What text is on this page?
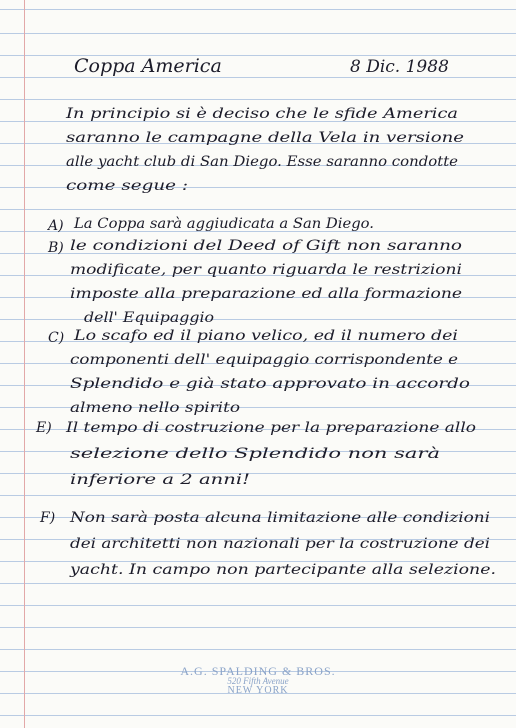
Coppa America	8 Dic. 1988
In principio si è deciso che le sfide America
saranno le campagne della Vela in versione
alle yacht club di San Diego. Esse saranno condotte
come segue :
A) La Coppa sarà aggiudicata a San Diego.
B) le condizioni del Deed of Gift non saranno
modificate, per quanto riguarda le restrizioni
imposte alla preparazione ed alla formazione
dell' Equipaggio
C) Lo scafo ed il piano velico, ed il numero dei
componenti dell' equipaggio corrispondente e
Splendido e già stato approvato in accordo
almeno nello spirito
E) Il tempo di costruzione per la preparazione allo
selezione dello Splendido non sarà
inferiore a 2 anni!
F) Non sarà posta alcuna limitazione alle condizioni
dei architetti non nazionali per la costruzione dei
yacht. In campo non partecipante alla selezione.
A.G. SPALDING & BROS.
520 Fifth Avenue
NEW YORK
